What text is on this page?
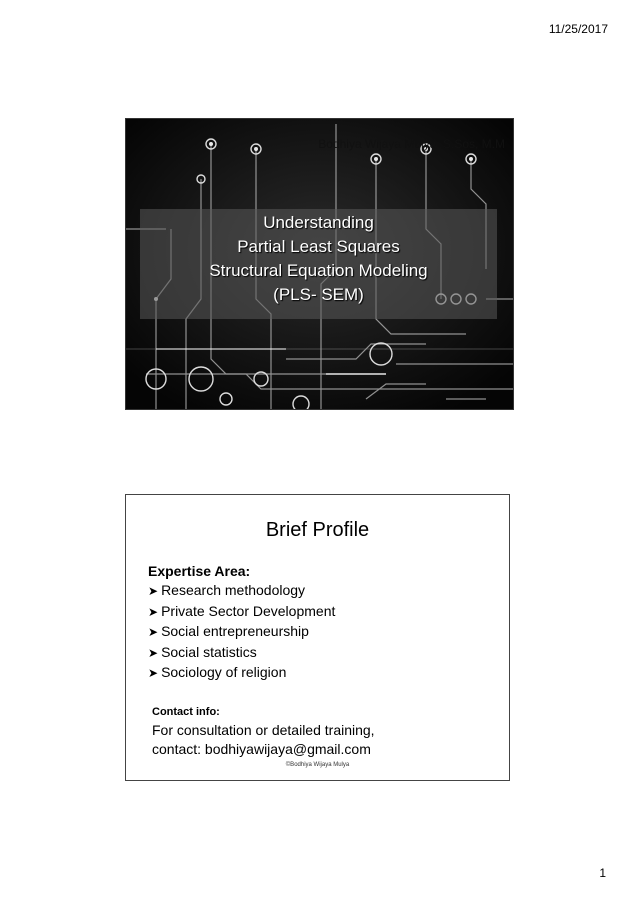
11/25/2017
Bodhiya Wijaya Mulya, S.Sos, M.M
Understanding
Partial Least Squares
Structural Equation Modeling
(PLS- SEM)
Brief Profile
Expertise Area:
➤ Research methodology
➤ Private Sector Development
➤ Social entrepreneurship
➤ Social statistics
➤ Sociology of religion
Contact info:
For consultation or detailed training,
contact: bodhiyawijaya@gmail.com
©Bodhiya Wijaya Mulya
1
